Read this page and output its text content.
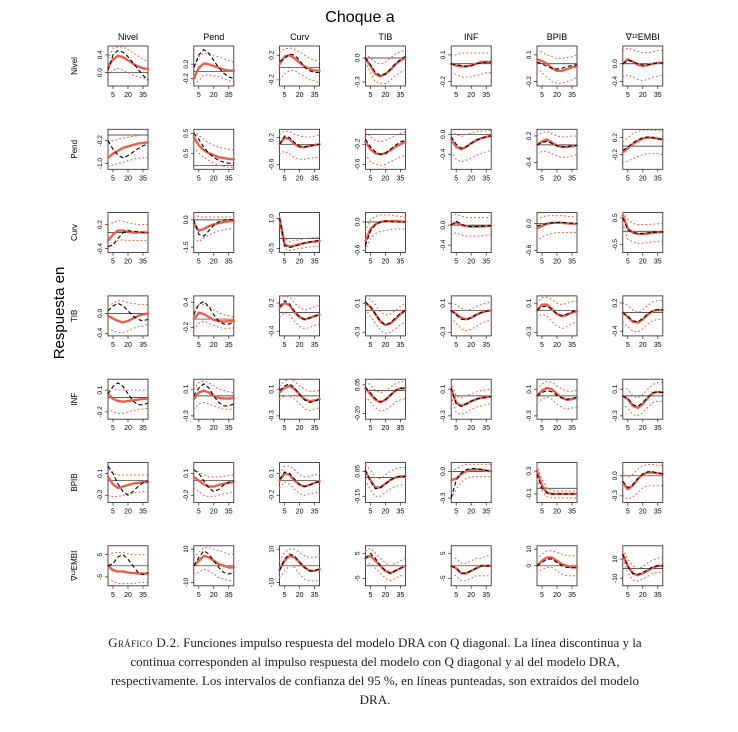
Choque a
Respuesta en
Nivel	Pend	Curv	TIB	INF	BPIB	∇¹²EMBI
Nivel
Pend
Curv
TIB
INF
BPIB
∇¹²EMBI
5 20 35
0.0
0.4
5 20 35
-0.2
0.2
5 20 35
-0.2
0.2
5 20 35
-0.3
0.0
5 20 35
-0.2
0.1
5 20 35
-0.2
0.1
5 20 35
-0.4
0.0
5 20 35
-1.0
-0.2
5 20 35
0.5
0.5
5 20 35
-0.6
0.2
5 20 35
-0.6
-0.2
5 20 35
-0.4
0.0
5 20 35
-0.4
0.2
5 20 35
-0.2
0.2
5 20 35
-0.4
0.2
5 20 35
-1.5
0.0
5 20 35
-0.5
1.0
5 20 35
-0.6
0.0
5 20 35
-0.4
0.0
5 20 35
-0.6
0.0
5 20 35
-0.5
0.5
5 20 35
-0.4
0.0
5 20 35
-0.2
0.4
5 20 35
-0.4
0.2
5 20 35
-0.3
0.1
5 20 35
-0.3
0.1
5 20 35
-0.3
0.1
5 20 35
-0.4
0.2
5 20 35
-0.2
0.1
5 20 35
-0.3
0.1
5 20 35
-0.3
0.1
5 20 35
-0.20
0.05
5 20 35
-0.3
0.1
5 20 35
-0.3
0.1
5 20 35
-0.3
0.1
5 20 35
-0.2
0.1
5 20 35
-0.2
0.1
5 20 35
-0.2
0.1
5 20 35
-0.15
0.05
5 20 35
-0.3
0.0
5 20 35
-0.1
0.3
5 20 35
-0.3
0.0
5 20 35
-5
5
5 20 35
-10
10
5 20 35
-10
10
5 20 35
-5
5
5 20 35
-5
5
5 20 35
0
10
5 20 35
-10
10
Gráfico D.2. Funciones impulso respuesta del modelo DRA con Q diagonal. La línea discontinua y la continua corresponden al impulso respuesta del modelo con Q diagonal y al del modelo DRA, respectivamente. Los intervalos de confianza del 95 %, en líneas punteadas, son extraídos del modelo DRA.
